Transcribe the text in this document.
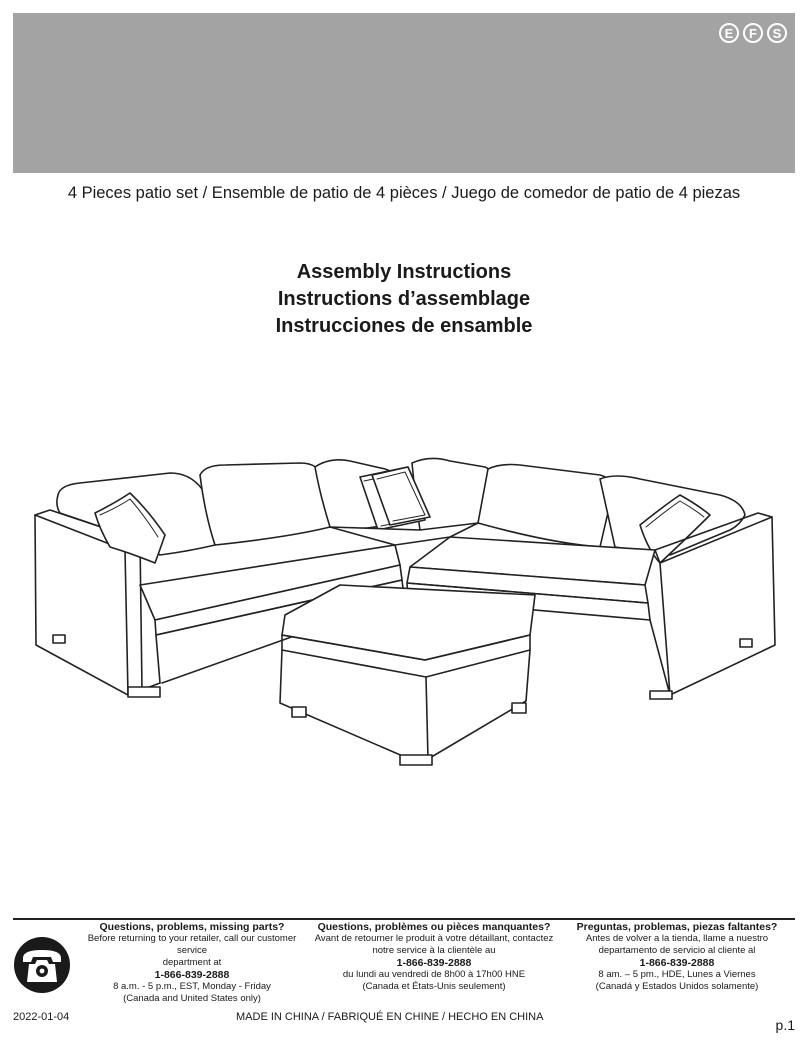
E	F	S
4 Pieces patio set / Ensemble de patio de 4 pièces / Juego de comedor de patio de 4 piezas
Assembly Instructions
Instructions d’assemblage
Instrucciones de ensamble
Questions, problems, missing parts?
Before returning to your retailer, call our customer service
department at
1-866-839-2888
8 a.m. - 5 p.m., EST, Monday - Friday
(Canada and United States only)
Questions, problèmes ou pièces manquantes?
Avant de retourner le produit à votre détaillant, contactez
notre service à la clientèle au
1-866-839-2888
du lundi au vendredi de 8h00 à 17h00 HNE
(Canada et États-Unis seulement)
Preguntas, problemas, piezas faltantes?
Antes de volver a la tienda, llame a nuestro
departamento de servicio al cliente al
1-866-839-2888
8 am. – 5 pm., HDE, Lunes a Viernes
(Canadá y Estados Unidos solamente)
2022-01-04	MADE IN CHINA / FABRIQUÉ EN CHINE / HECHO EN CHINA	p.1
